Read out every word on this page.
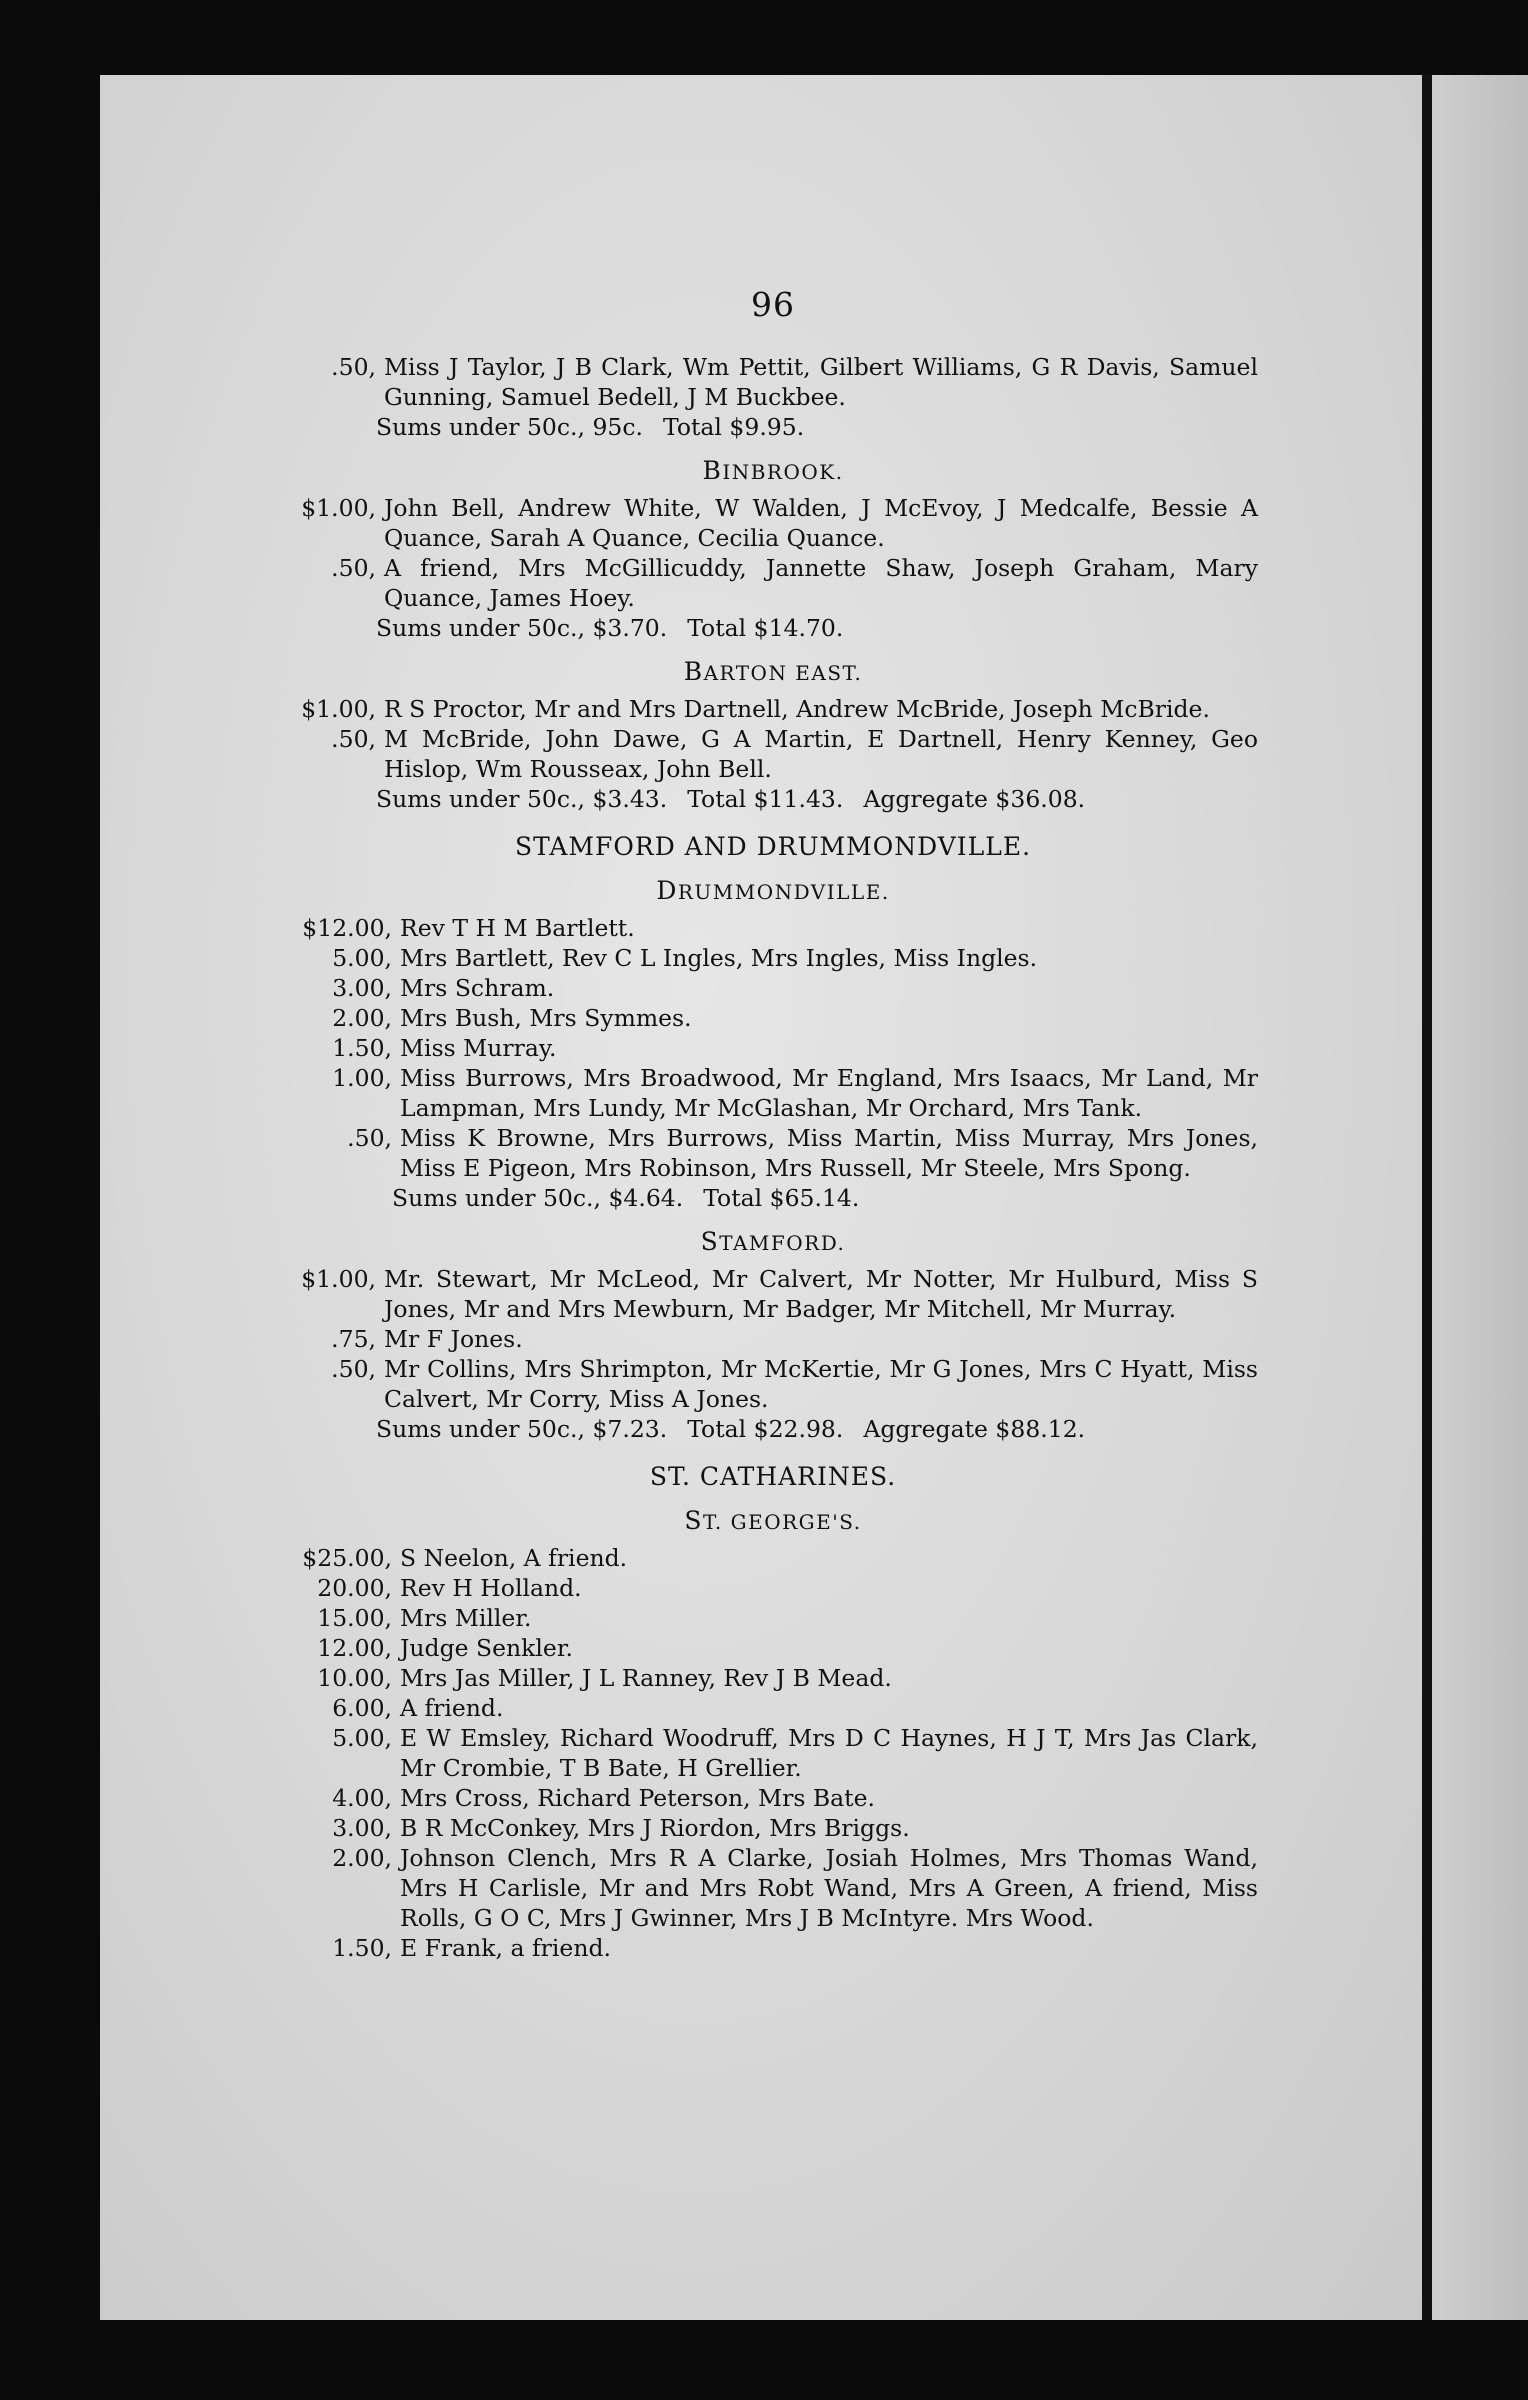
96
.50, Miss J Taylor, J B Clark, Wm Pettit, Gilbert Williams, G R Davis, Samuel Gunning, Samuel Bedell, J M Buckbee.
Sums under 50c., 95c. Total $9.95.
BINBROOK.
$1.00, John Bell, Andrew White, W Walden, J McEvoy, J Medcalfe, Bessie A Quance, Sarah A Quance, Cecilia Quance.
.50, A friend, Mrs McGillicuddy, Jannette Shaw, Joseph Graham, Mary Quance, James Hoey.
Sums under 50c., $3.70. Total $14.70.
BARTON EAST.
$1.00, R S Proctor, Mr and Mrs Dartnell, Andrew McBride, Joseph McBride.
.50, M McBride, John Dawe, G A Martin, E Dartnell, Henry Kenney, Geo Hislop, Wm Rousseax, John Bell.
Sums under 50c., $3.43. Total $11.43. Aggregate $36.08.
STAMFORD AND DRUMMONDVILLE.
DRUMMONDVILLE.
$12.00, Rev T H M Bartlett.
5.00, Mrs Bartlett, Rev C L Ingles, Mrs Ingles, Miss Ingles.
3.00, Mrs Schram.
2.00, Mrs Bush, Mrs Symmes.
1.50, Miss Murray.
1.00, Miss Burrows, Mrs Broadwood, Mr England, Mrs Isaacs, Mr Land, Mr Lampman, Mrs Lundy, Mr McGlashan, Mr Orchard, Mrs Tank.
.50, Miss K Browne, Mrs Burrows, Miss Martin, Miss Murray, Mrs Jones, Miss E Pigeon, Mrs Robinson, Mrs Russell, Mr Steele, Mrs Spong.
Sums under 50c., $4.64. Total $65.14.
STAMFORD.
$1.00, Mr. Stewart, Mr McLeod, Mr Calvert, Mr Notter, Mr Hulburd, Miss S Jones, Mr and Mrs Mewburn, Mr Badger, Mr Mitchell, Mr Murray.
.75, Mr F Jones.
.50, Mr Collins, Mrs Shrimpton, Mr McKertie, Mr G Jones, Mrs C Hyatt, Miss Calvert, Mr Corry, Miss A Jones.
Sums under 50c., $7.23. Total $22.98. Aggregate $88.12.
ST. CATHARINES.
ST. GEORGE'S.
$25.00, S Neelon, A friend.
20.00, Rev H Holland.
15.00, Mrs Miller.
12.00, Judge Senkler.
10.00, Mrs Jas Miller, J L Ranney, Rev J B Mead.
6.00, A friend.
5.00, E W Emsley, Richard Woodruff, Mrs D C Haynes, H J T, Mrs Jas Clark, Mr Crombie, T B Bate, H Grellier.
4.00, Mrs Cross, Richard Peterson, Mrs Bate.
3.00, B R McConkey, Mrs J Riordon, Mrs Briggs.
2.00, Johnson Clench, Mrs R A Clarke, Josiah Holmes, Mrs Thomas Wand, Mrs H Carlisle, Mr and Mrs Robt Wand, Mrs A Green, A friend, Miss Rolls, G O C, Mrs J Gwinner, Mrs J B McIntyre. Mrs Wood.
1.50, E Frank, a friend.
